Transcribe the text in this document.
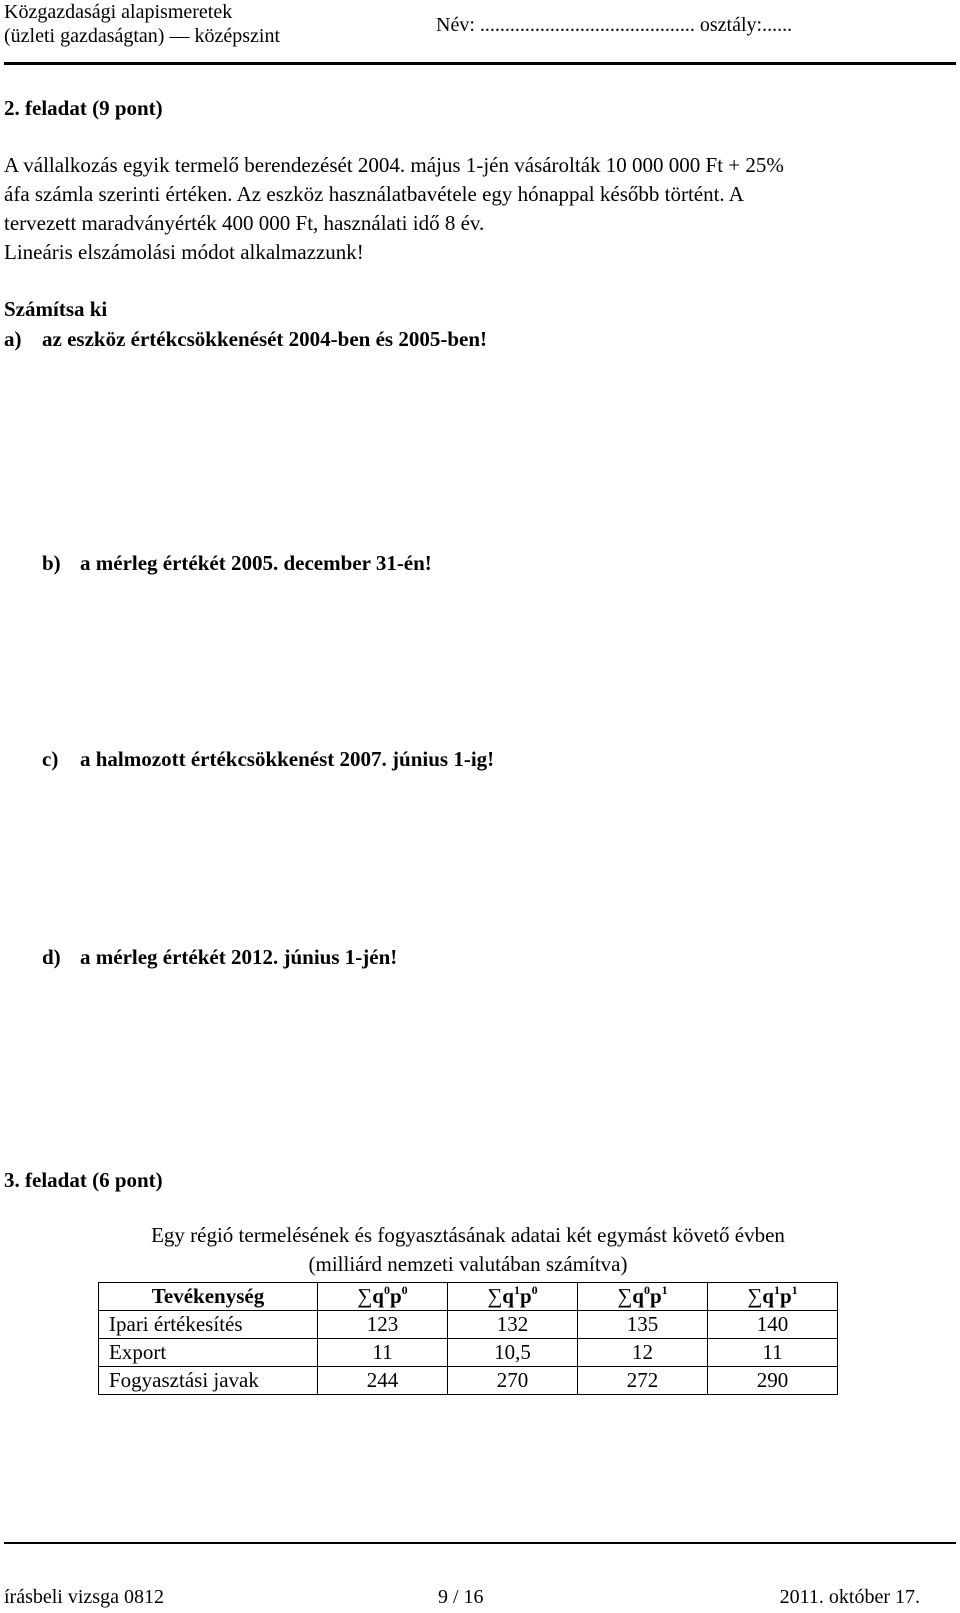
Közgazdasági alapismeretek
(üzleti gazdaságtan) — középszint	Név: ........................................... osztály:......
2. feladat (9 pont)
A vállalkozás egyik termelő berendezését 2004. május 1-jén vásárolták 10 000 000 Ft + 25%
áfa számla szerinti értéken. Az eszköz használatbavétele egy hónappal később történt. A
tervezett maradványérték 400 000 Ft, használati idő 8 év.
Lineáris elszámolási módot alkalmazzunk!
Számítsa ki
a) az eszköz értékcsökkenését 2004-ben és 2005-ben!
b) a mérleg értékét 2005. december 31-én!
c) a halmozott értékcsökkenést 2007. június 1-ig!
d) a mérleg értékét 2012. június 1-jén!
3. feladat (6 pont)
Egy régió termelésének és fogyasztásának adatai két egymást követő évben
(milliárd nemzeti valutában számítva)
Tevékenység	$\sum q^0p^0$	$\sum q^1p^0$	$\sum q^0p^1$	$\sum q^1p^1$
Ipari értékesítés	123	132	135	140
Export	11	10,5	12	11
Fogyasztási javak	244	270	272	290
írásbeli vizsga 0812	9 / 16	2011. október 17.
